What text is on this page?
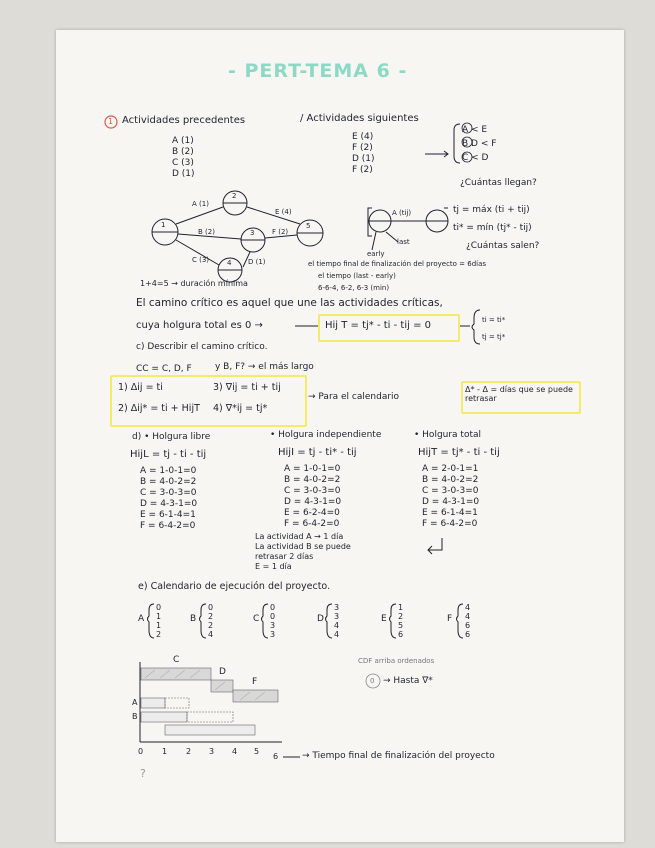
- PERT-TEMA 6 -
1 Actividades precedentes	/ Actividades siguientes
A (1)
B (2)
C (3)
D (1)
E (4)
F (2)
D (1)
F (2)
A < E
B D < F
C < D
¿Cuántas llegan?
tj = máx (ti + tij)
ti* = mín (tj* - tij)
¿Cuántas salen?
A (tij)
last
early
A (1)
B (2)
C (3)	D (1)
E (4)
F (2)
1
2
3
4
5
1+4=5 → duración mínima
el tiempo final de finalización del proyecto = 6días
el tiempo (last - early)
6-6-4, 6-2, 6-3 (min)
El camino crítico es aquel que une las actividades críticas,
cuya holgura total es 0 →	Hij T = tj* - ti - tij = 0	ti = ti*
tj = tj*
c) Describir el camino crítico.
CC = C, D, F	y B, F? → el más largo
1) Δij = ti	3) ∇ij = ti + tij
2) Δij* = ti + HijT 4) ∇*ij = tj*
→ Para el calendario
Δ* - Δ = días que se puede retrasar
d) • Holgura libre	• Holgura independiente	• Holgura total
HijL = tj - ti - tij	HijI = tj - ti* - tij	HijT = tj* - ti - tij
A = 1-0-1=0
B = 4-0-2=2
C = 3-0-3=0
D = 4-3-1=0
E = 6-1-4=1
F = 6-4-2=0
A = 1-0-1=0
B = 4-0-2=2
C = 3-0-3=0
D = 4-3-1=0
E = 6-2-4=0
F = 6-4-2=0
A = 2-0-1=1
B = 4-0-2=2
C = 3-0-3=0
D = 4-3-1=0
E = 6-1-4=1
F = 6-4-2=0
La actividad A → 1 día
La actividad B se puede
retrasar 2 días
E = 1 día
e) Calendario de ejecución del proyecto.
A
0
1
1
2
B
0
2
2
4
C
0
0
3
3
D
3
3
4
4
E
1
2
5
6
F
4
4
6
6
CDF arriba ordenados
0 → Hasta ∇*
C
D
F
A
B
0 1 2 3 4 5
6	→ Tiempo final de finalización del proyecto
?
